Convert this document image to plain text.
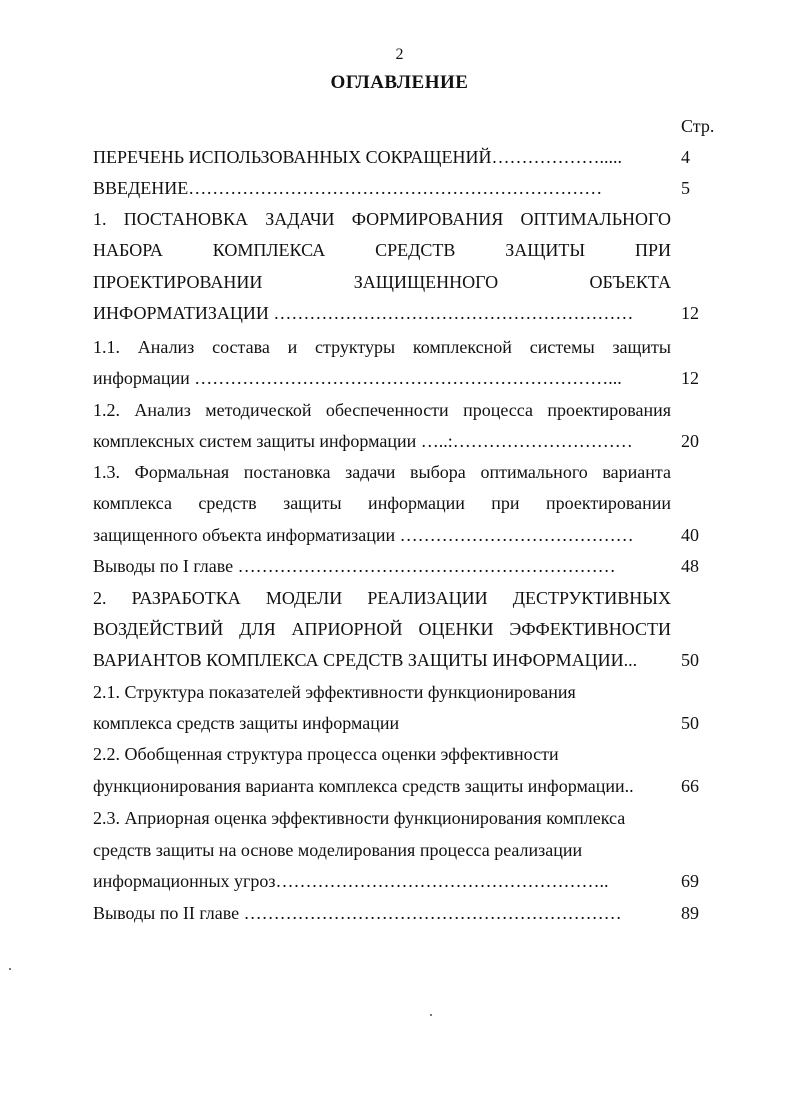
2
ОГЛАВЛЕНИЕ
Стр.
ПЕРЕЧЕНЬ ИСПОЛЬЗОВАННЫХ СОКРАЩЕНИЙ……………….....	4
ВВЕДЕНИЕ……………………………………………………………	5
1. ПОСТАНОВКА ЗАДАЧИ ФОРМИРОВАНИЯ ОПТИМАЛЬНОГО
НАБОРА КОМПЛЕКСА СРЕДСТВ ЗАЩИТЫ ПРИ
ПРОЕКТИРОВАНИИ ЗАЩИЩЕННОГО ОБЪЕКТА
ИНФОРМАТИЗАЦИИ ……………………………………………………	12
1.1. Анализ состава и структуры комплексной системы защиты
информации ……………………………………………………………...	12
1.2. Анализ методической обеспеченности процесса проектирования
комплексных систем защиты информации …..:…………………………	20
1.3. Формальная постановка задачи выбора оптимального варианта
комплекса средств защиты информации при проектировании
защищенного объекта информатизации …………………………………	40
Выводы по I главе ………………………………………………………	48
2. РАЗРАБОТКА МОДЕЛИ РЕАЛИЗАЦИИ ДЕСТРУКТИВНЫХ
ВОЗДЕЙСТВИЙ ДЛЯ АПРИОРНОЙ ОЦЕНКИ ЭФФЕКТИВНОСТИ
ВАРИАНТОВ КОМПЛЕКСА СРЕДСТВ ЗАЩИТЫ ИНФОРМАЦИИ...	50
2.1. Структура показателей эффективности функционирования
комплекса средств защиты информации	50
2.2. Обобщенная структура процесса оценки эффективности
функционирования варианта комплекса средств защиты информации..	66
2.3. Априорная оценка эффективности функционирования комплекса
средств защиты на основе моделирования процесса реализации
информационных угроз………………………………………………..	69
Выводы по II главе ………………………………………………………	89
